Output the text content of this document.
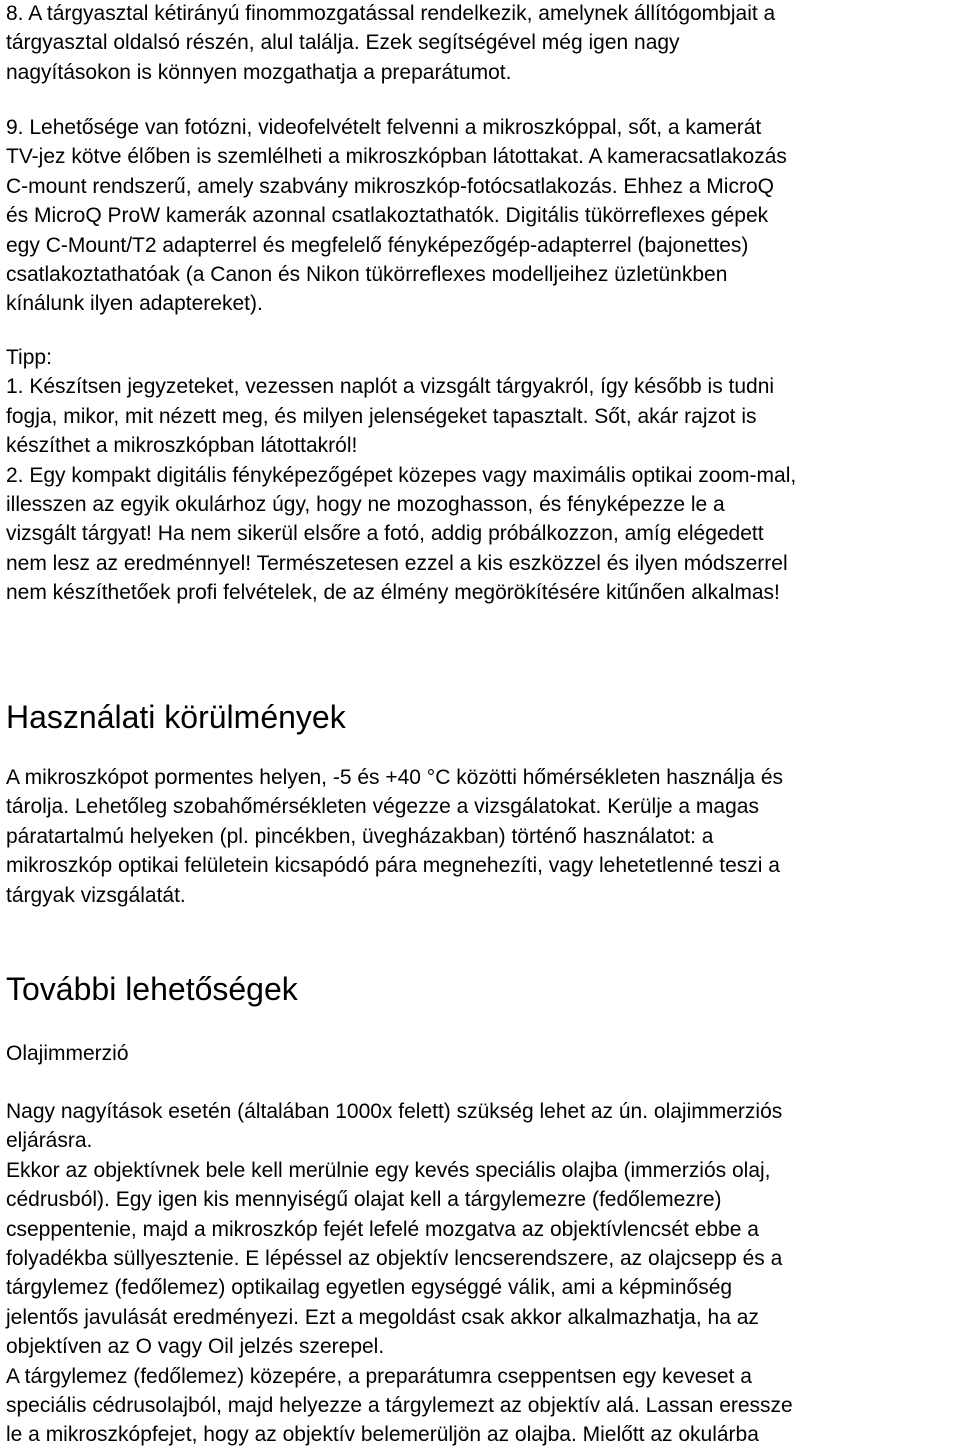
8. A tárgyasztal kétirányú finommozgatással rendelkezik, amelynek állítógombjait a
tárgyasztal oldalsó részén, alul találja. Ezek segítségével még igen nagy
nagyításokon is könnyen mozgathatja a preparátumot.
9. Lehetősége van fotózni, videofelvételt felvenni a mikroszkóppal, sőt, a kamerát
TV-jez kötve élőben is szemlélheti a mikroszkópban látottakat. A kameracsatlakozás
C-mount rendszerű, amely szabvány mikroszkóp-fotócsatlakozás. Ehhez a MicroQ
és MicroQ ProW kamerák azonnal csatlakoztathatók. Digitális tükörreflexes gépek
egy C-Mount/T2 adapterrel és megfelelő fényképezőgép-adapterrel (bajonettes)
csatlakoztathatóak (a Canon és Nikon tükörreflexes modelljeihez üzletünkben
kínálunk ilyen adaptereket).
Tipp:
1. Készítsen jegyzeteket, vezessen naplót a vizsgált tárgyakról, így később is tudni
fogja, mikor, mit nézett meg, és milyen jelenségeket tapasztalt. Sőt, akár rajzot is
készíthet a mikroszkópban látottakról!
2. Egy kompakt digitális fényképezőgépet közepes vagy maximális optikai zoom-mal,
illesszen az egyik okulárhoz úgy, hogy ne mozoghasson, és fényképezze le a
vizsgált tárgyat! Ha nem sikerül elsőre a fotó, addig próbálkozzon, amíg elégedett
nem lesz az eredménnyel! Természetesen ezzel a kis eszközzel és ilyen módszerrel
nem készíthetőek profi felvételek, de az élmény megörökítésére kitűnően alkalmas!
Használati körülmények
A mikroszkópot pormentes helyen, -5 és +40 °C közötti hőmérsékleten használja és
tárolja. Lehetőleg szobahőmérsékleten végezze a vizsgálatokat. Kerülje a magas
páratartalmú helyeken (pl. pincékben, üvegházakban) történő használatot: a
mikroszkóp optikai felületein kicsapódó pára megnehezíti, vagy lehetetlenné teszi a
tárgyak vizsgálatát.
További lehetőségek
Olajimmerzió
Nagy nagyítások esetén (általában 1000x felett) szükség lehet az ún. olajimmerziós
eljárásra.
Ekkor az objektívnek bele kell merülnie egy kevés speciális olajba (immerziós olaj,
cédrusból). Egy igen kis mennyiségű olajat kell a tárgylemezre (fedőlemezre)
cseppentenie, majd a mikroszkóp fejét lefelé mozgatva az objektívlencsét ebbe a
folyadékba süllyesztenie. E lépéssel az objektív lencserendszere, az olajcsepp és a
tárgylemez (fedőlemez) optikailag egyetlen egységgé válik, ami a képminőség
jelentős javulását eredményezi. Ezt a megoldást csak akkor alkalmazhatja, ha az
objektíven az O vagy Oil jelzés szerepel.
A tárgylemez (fedőlemez) közepére, a preparátumra cseppentsen egy keveset a
speciális cédrusolajból, majd helyezze a tárgylemezt az objektív alá. Lassan eressze
le a mikroszkópfejet, hogy az objektív belemerüljön az olajba. Mielőtt az okulárba
